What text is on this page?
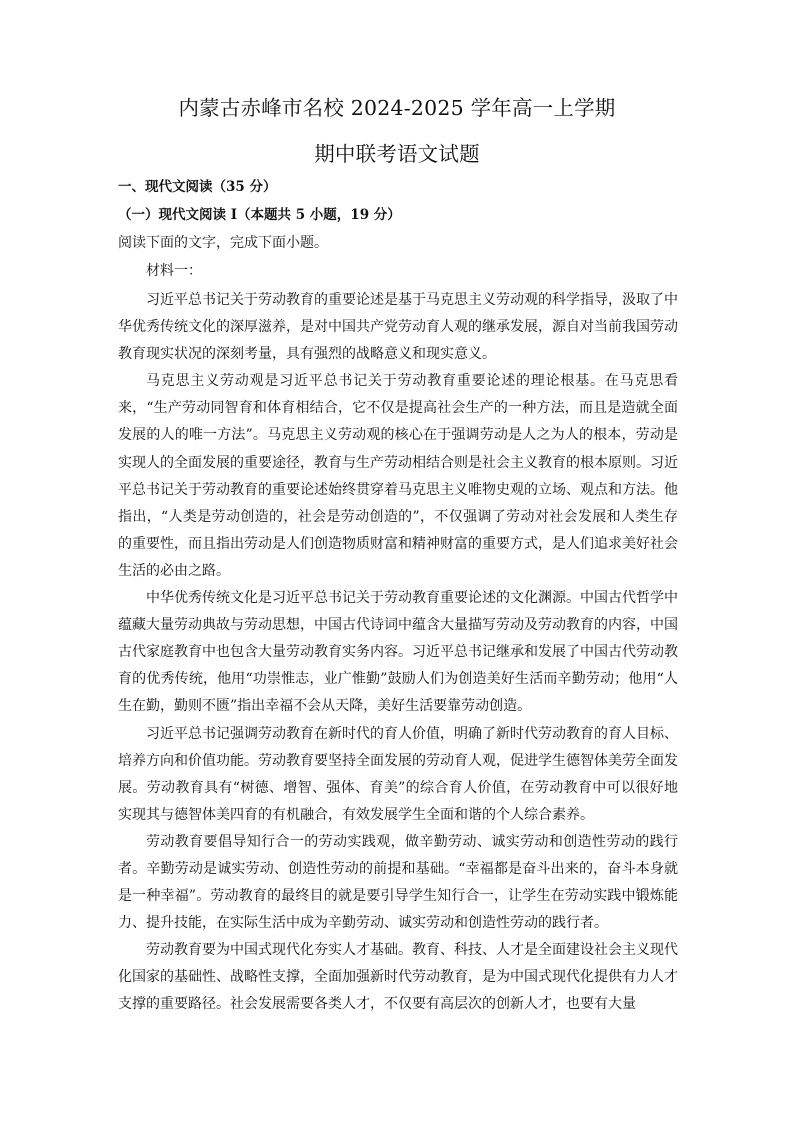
内蒙古赤峰市名校 2024-2025 学年高一上学期
期中联考语文试题
一、现代文阅读（35 分）
（一）现代文阅读 I（本题共 5 小题，19 分）
阅读下面的文字，完成下面小题。
材料一：

习近平总书记关于劳动教育的重要论述是基于马克思主义劳动观的科学指导，汲取了中华优秀传统文化的深厚滋养，是对中国共产党劳动育人观的继承发展，源自对当前我国劳动教育现实状况的深刻考量，具有强烈的战略意义和现实意义。

马克思主义劳动观是习近平总书记关于劳动教育重要论述的理论根基。在马克思看来，“生产劳动同智育和体育相结合，它不仅是提高社会生产的一种方法，而且是造就全面发展的人的唯一方法”。马克思主义劳动观的核心在于强调劳动是人之为人的根本，劳动是实现人的全面发展的重要途径，教育与生产劳动相结合则是社会主义教育的根本原则。习近平总书记关于劳动教育的重要论述始终贯穿着马克思主义唯物史观的立场、观点和方法。他指出，“人类是劳动创造的，社会是劳动创造的”，不仅强调了劳动对社会发展和人类生存的重要性，而且指出劳动是人们创造物质财富和精神财富的重要方式，是人们追求美好社会生活的必由之路。

中华优秀传统文化是习近平总书记关于劳动教育重要论述的文化渊源。中国古代哲学中蕴藏大量劳动典故与劳动思想，中国古代诗词中蕴含大量描写劳动及劳动教育的内容，中国古代家庭教育中也包含大量劳动教育实务内容。习近平总书记继承和发展了中国古代劳动教育的优秀传统，他用“功崇惟志，业广惟勤”鼓励人们为创造美好生活而辛勤劳动；他用“人生在勤，勤则不匮”指出幸福不会从天降，美好生活要靠劳动创造。

习近平总书记强调劳动教育在新时代的育人价值，明确了新时代劳动教育的育人目标、培养方向和价值功能。劳动教育要坚持全面发展的劳动育人观，促进学生德智体美劳全面发展。劳动教育具有“树德、增智、强体、育美”的综合育人价值，在劳动教育中可以很好地实现其与德智体美四育的有机融合，有效发展学生全面和谐的个人综合素养。

劳动教育要倡导知行合一的劳动实践观，做辛勤劳动、诚实劳动和创造性劳动的践行者。辛勤劳动是诚实劳动、创造性劳动的前提和基础。“幸福都是奋斗出来的，奋斗本身就是一种幸福”。劳动教育的最终目的就是要引导学生知行合一，让学生在劳动实践中锻炼能力、提升技能，在实际生活中成为辛勤劳动、诚实劳动和创造性劳动的践行者。

劳动教育要为中国式现代化夯实人才基础。教育、科技、人才是全面建设社会主义现代化国家的基础性、战略性支撑，全面加强新时代劳动教育，是为中国式现代化提供有力人才支撑的重要路径。社会发展需要各类人才，不仅要有高层次的创新人才，也要有大量
